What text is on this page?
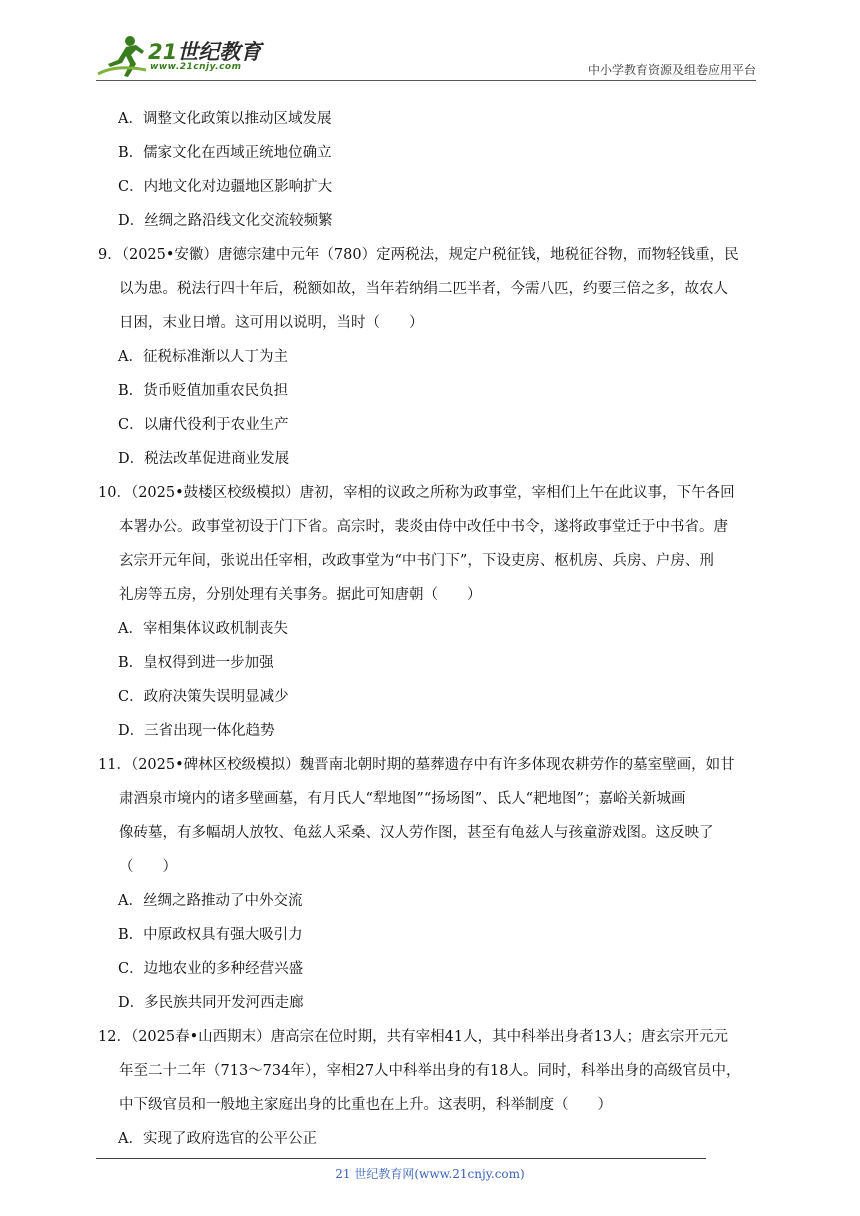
21世纪教育
www.21cnjy.com	中小学教育资源及组卷应用平台
A．调整文化政策以推动区域发展
B．儒家文化在西域正统地位确立
C．内地文化对边疆地区影响扩大
D．丝绸之路沿线文化交流较频繁
9．（2025•安徽）唐德宗建中元年（780）定两税法，规定户税征钱，地税征谷物，而物轻钱重，民
以为患。税法行四十年后，税额如故，当年若纳绢二匹半者，今需八匹，约要三倍之多，故农人
日困，末业日增。这可用以说明，当时（　　）
A．征税标准渐以人丁为主
B．货币贬值加重农民负担
C．以庸代役利于农业生产
D．税法改革促进商业发展
10．（2025•鼓楼区校级模拟）唐初，宰相的议政之所称为政事堂，宰相们上午在此议事，下午各回
本署办公。政事堂初设于门下省。高宗时，裴炎由侍中改任中书令，遂将政事堂迁于中书省。唐
玄宗开元年间，张说出任宰相，改政事堂为“中书门下”，下设吏房、枢机房、兵房、户房、刑
礼房等五房，分别处理有关事务。据此可知唐朝（　　）
A．宰相集体议政机制丧失
B．皇权得到进一步加强
C．政府决策失误明显减少
D．三省出现一体化趋势
11．（2025•碑林区校级模拟）魏晋南北朝时期的墓葬遗存中有许多体现农耕劳作的墓室壁画，如甘
肃酒泉市境内的诸多壁画墓，有月氏人“犁地图”“扬场图”、氐人“耙地图”；嘉峪关新城画
像砖墓，有多幅胡人放牧、龟兹人采桑、汉人劳作图，甚至有龟兹人与孩童游戏图。这反映了
（　　）
A．丝绸之路推动了中外交流
B．中原政权具有强大吸引力
C．边地农业的多种经营兴盛
D．多民族共同开发河西走廊
12．（2025春•山西期末）唐高宗在位时期，共有宰相41人，其中科举出身者13人；唐玄宗开元元
年至二十二年（713～734年），宰相27人中科举出身的有18人。同时，科举出身的高级官员中，
中下级官员和一般地主家庭出身的比重也在上升。这表明，科举制度（　　）
A．实现了政府选官的公平公正
21 世纪教育网(www.21cnjy.com)
